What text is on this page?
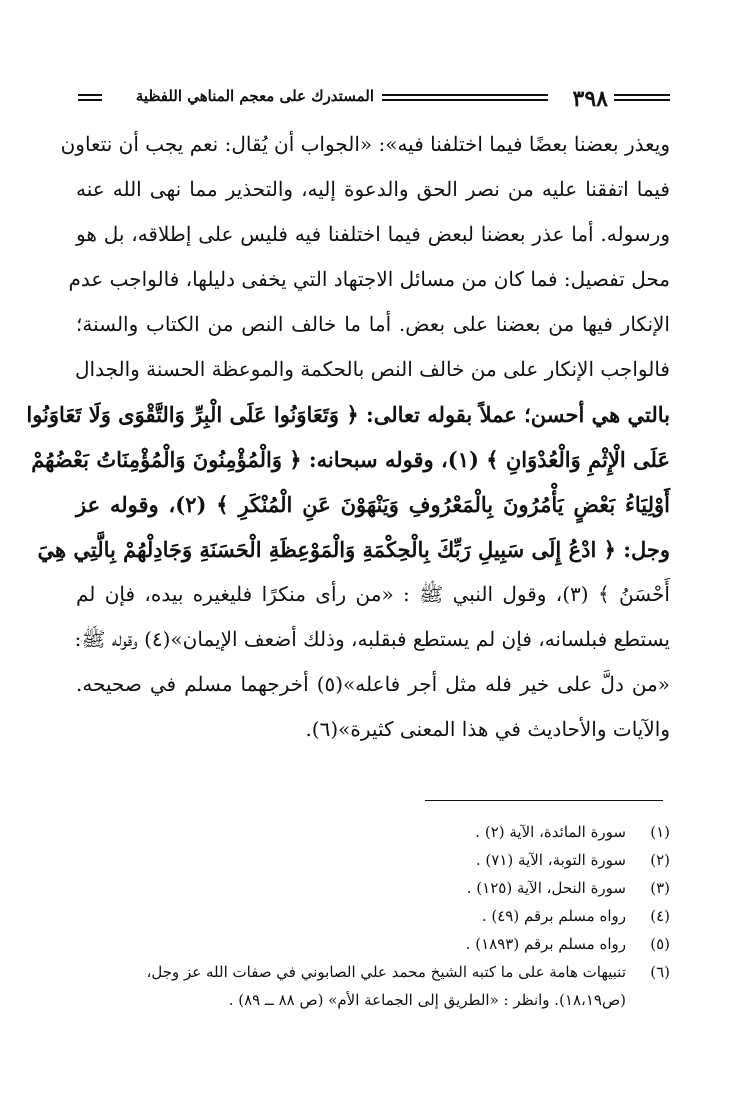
٣٩٨
المستدرك على معجم المناهي اللفظية
ويعذر بعضنا بعضًا فيما اختلفنا فيه»: «الجواب أن يُقال: نعم يجب أن نتعاون
فيما اتفقنا عليه من نصر الحق والدعوة إليه، والتحذير مما نهى الله عنه
ورسوله. أما عذر بعضنا لبعض فيما اختلفنا فيه فليس على إطلاقه، بل هو
محل تفصيل: فما كان من مسائل الاجتهاد التي يخفى دليلها، فالواجب عدم
الإنكار فيها من بعضنا على بعض. أما ما خالف النص من الكتاب والسنة؛
فالواجب الإنكار على من خالف النص بالحكمة والموعظة الحسنة والجدال
بالتي هي أحسن؛ عملاً بقوله تعالى: ﴿ وَتَعَاوَنُوا عَلَى الْبِرِّ وَالتَّقْوَى وَلَا تَعَاوَنُوا
عَلَى الْإِثْمِ وَالْعُدْوَانِ ﴾ (١)، وقوله سبحانه: ﴿ وَالْمُؤْمِنُونَ وَالْمُؤْمِنَاتُ بَعْضُهُمْ
أَوْلِيَاءُ بَعْضٍ يَأْمُرُونَ بِالْمَعْرُوفِ وَيَنْهَوْنَ عَنِ الْمُنْكَرِ ﴾ (٢)، وقوله عز
وجل: ﴿ ادْعُ إِلَى سَبِيلِ رَبِّكَ بِالْحِكْمَةِ وَالْمَوْعِظَةِ الْحَسَنَةِ وَجَادِلْهُمْ بِالَّتِي هِيَ
أَحْسَنُ ﴾ (٣)، وقول النبي ﷺ : «من رأى منكرًا فليغيره بيده، فإن لم
يستطع فبلسانه، فإن لم يستطع فبقلبه، وذلك أضعف الإيمان»(٤) وقوله ﷺ:
«من دلَّ على خير فله مثل أجر فاعله»(٥) أخرجهما مسلم في صحيحه.
والآيات والأحاديث في هذا المعنى كثيرة»(٦).
(١)
سورة المائدة، الآية (٢) .
(٢)
سورة التوبة، الآية (٧١) .
(٣)
سورة النحل، الآية (١٢٥) .
(٤)
رواه مسلم برقم (٤٩) .
(٥)
رواه مسلم برقم (١٨٩٣) .
(٦)
تنبيهات هامة على ما كتبه الشيخ محمد علي الصابوني في صفات الله عز وجل، (ص١٨،١٩). وانظر : «الطريق إلى الجماعة الأم» (ص ٨٨ ــ ٨٩) .
